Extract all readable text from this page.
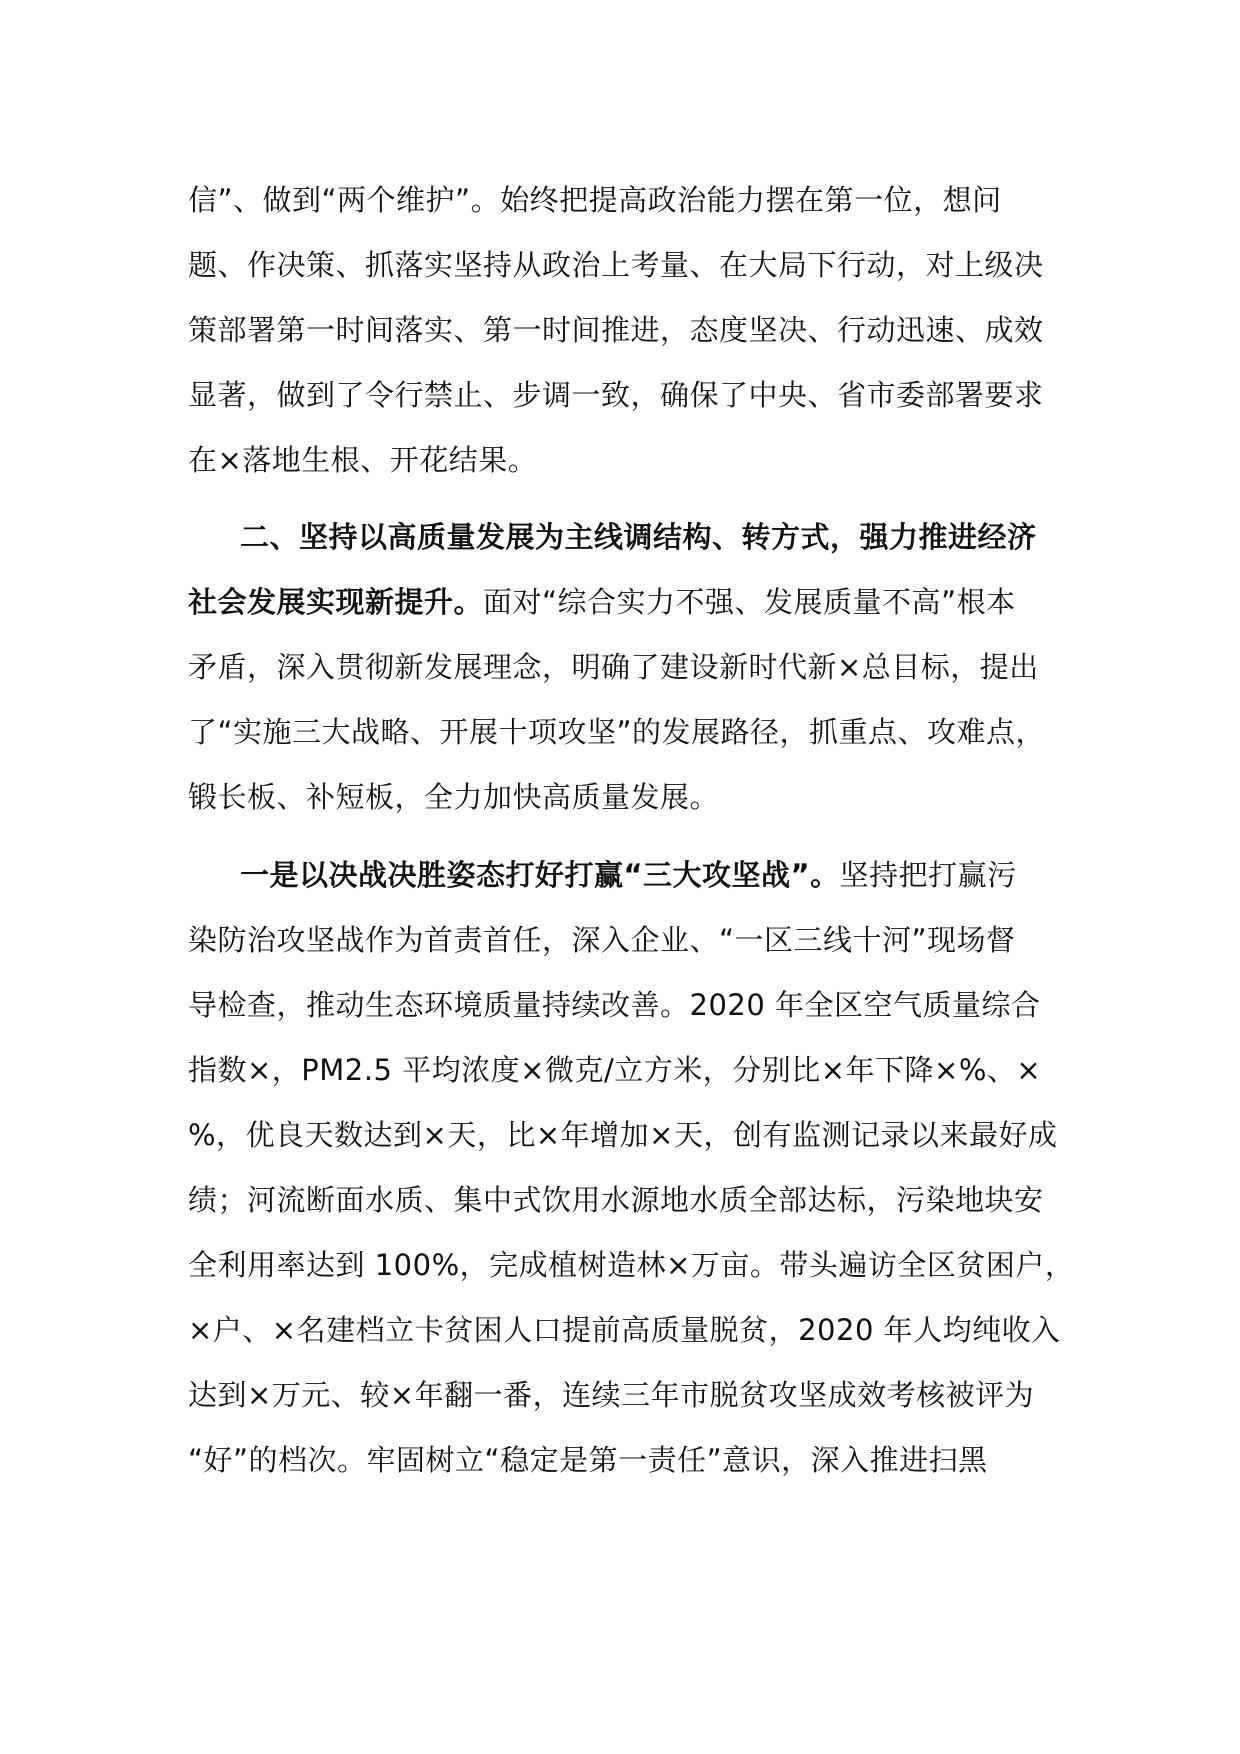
信”、做到“两个维护”。始终把提高政治能力摆在第一位，想问
题、作决策、抓落实坚持从政治上考量、在大局下行动，对上级决
策部署第一时间落实、第一时间推进，态度坚决、行动迅速、成效
显著，做到了令行禁止、步调一致，确保了中央、省市委部署要求
在×落地生根、开花结果。
二、坚持以高质量发展为主线调结构、转方式，强力推进经济
社会发展实现新提升。面对“综合实力不强、发展质量不高”根本
矛盾，深入贯彻新发展理念，明确了建设新时代新×总目标，提出
了“实施三大战略、开展十项攻坚”的发展路径，抓重点、攻难点，
锻长板、补短板，全力加快高质量发展。
一是以决战决胜姿态打好打赢“三大攻坚战”。坚持把打赢污
染防治攻坚战作为首责首任，深入企业、“一区三线十河”现场督
导检查，推动生态环境质量持续改善。2020 年全区空气质量综合
指数×，PM2.5 平均浓度×微克/立方米，分别比×年下降×%、×
%，优良天数达到×天，比×年增加×天，创有监测记录以来最好成
绩；河流断面水质、集中式饮用水源地水质全部达标，污染地块安
全利用率达到 100%，完成植树造林×万亩。带头遍访全区贫困户，
×户、×名建档立卡贫困人口提前高质量脱贫，2020 年人均纯收入
达到×万元、较×年翻一番，连续三年市脱贫攻坚成效考核被评为
“好”的档次。牢固树立“稳定是第一责任”意识，深入推进扫黑
